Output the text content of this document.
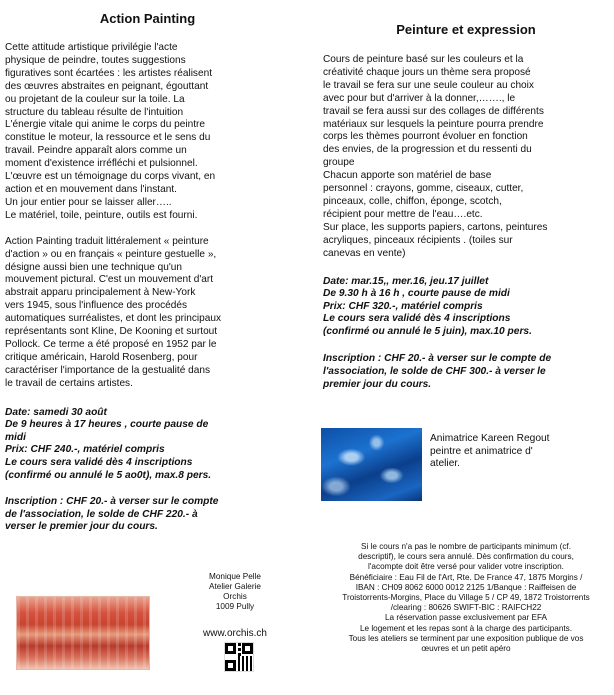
Action Painting

Cette attitude artistique privilégie l'acte
physique de peindre, toutes suggestions
figuratives sont écartées : les artistes réalisent
des œuvres abstraites en peignant, égouttant
ou projetant de la couleur sur la toile. La
structure du tableau résulte de l'intuition
L'énergie vitale qui anime le corps du peintre
constitue le moteur, la ressource et le sens du
travail. Peindre apparaît alors comme un
moment d'existence irréfléchi et pulsionnel.
L'œuvre est un témoignage du corps vivant, en
action et en mouvement dans l'instant.
Un jour entier pour se laisser aller…..
Le matériel, toile, peinture, outils est fourni.

Action Painting traduit littéralement « peinture
d'action » ou en français « peinture gestuelle »,
désigne aussi bien une technique qu'un
mouvement pictural. C'est un mouvement d'art
abstrait apparu principalement à New-York
vers 1945, sous l'influence des procédés
automatiques surréalistes, et dont les principaux
représentants sont Kline, De Kooning et surtout
Pollock. Ce terme a été proposé en 1952 par le
critique américain, Harold Rosenberg, pour
caractériser l'importance de la gestualité dans
le travail de certains artistes.

Date: samedi 30 août
De 9 heures à 17 heures , courte pause de
midi
Prix: CHF 240.-, matériel compris
Le cours sera validé dès 4 inscriptions
(confirmé ou annulé le 5 ao0t), max.8 pers.

Inscription : CHF 20.- à verser sur le compte
de l'association, le solde de CHF 220.- à
verser le premier jour du cours.

Monique Pelle
Atelier Galerie
Orchis
1009 Pully
www.orchis.ch
Peinture et expression

Cours de peinture basé sur les couleurs et la
créativité chaque jours un thème sera proposé
le travail se fera sur une seule couleur au choix
avec pour but d'arriver à la donner,……., le
travail se fera aussi sur des collages de différents
matériaux sur lesquels la peinture pourra prendre
corps les thèmes pourront évoluer en fonction
des envies, de la progression et du ressenti du
groupe
Chacun apporte son matériel de base
personnel : crayons, gomme, ciseaux, cutter,
pinceaux, colle, chiffon, éponge, scotch,
récipient pour mettre de l'eau….etc.
Sur place, les supports papiers, cartons, peintures
acryliques, pinceaux récipients . (toiles sur
canevas en vente)

Date: mar.15,, mer.16, jeu.17 juillet
De 9.30 h à 16 h , courte pause de midi
Prix: CHF 320.-, matériel compris
Le cours sera validé dès 4 inscriptions
(confirmé ou annulé le 5 juin), max.10 pers.

Inscription : CHF 20.- à verser sur le compte de
l'association, le solde de CHF 300.- à verser le
premier jour du cours.

Animatrice Kareen Regout
peintre et animatrice d'
atelier.
Si le cours n'a pas le nombre de participants minimum (cf.
descriptif), le cours sera annulé. Dès confirmation du cours,
l'acompte doit être versé pour valider votre inscription.
Bénéficiaire : Eau Fil de l'Art, Rte. De France 47, 1875 Morgins /
IBAN : CH09 8062 6000 0012 2125 1/Banque : Raiffeisen de
Troistorrents-Morgins, Place du Village 5 / CP 49, 1872 Troistorrents
/clearing : 80626 SWIFT-BIC : RAIFCH22
La réservation passe exclusivement par EFA
Le logement et les repas sont à la charge des participants.
Tous les ateliers se terminent par une exposition publique de vos
œuvres et un petit apéro
